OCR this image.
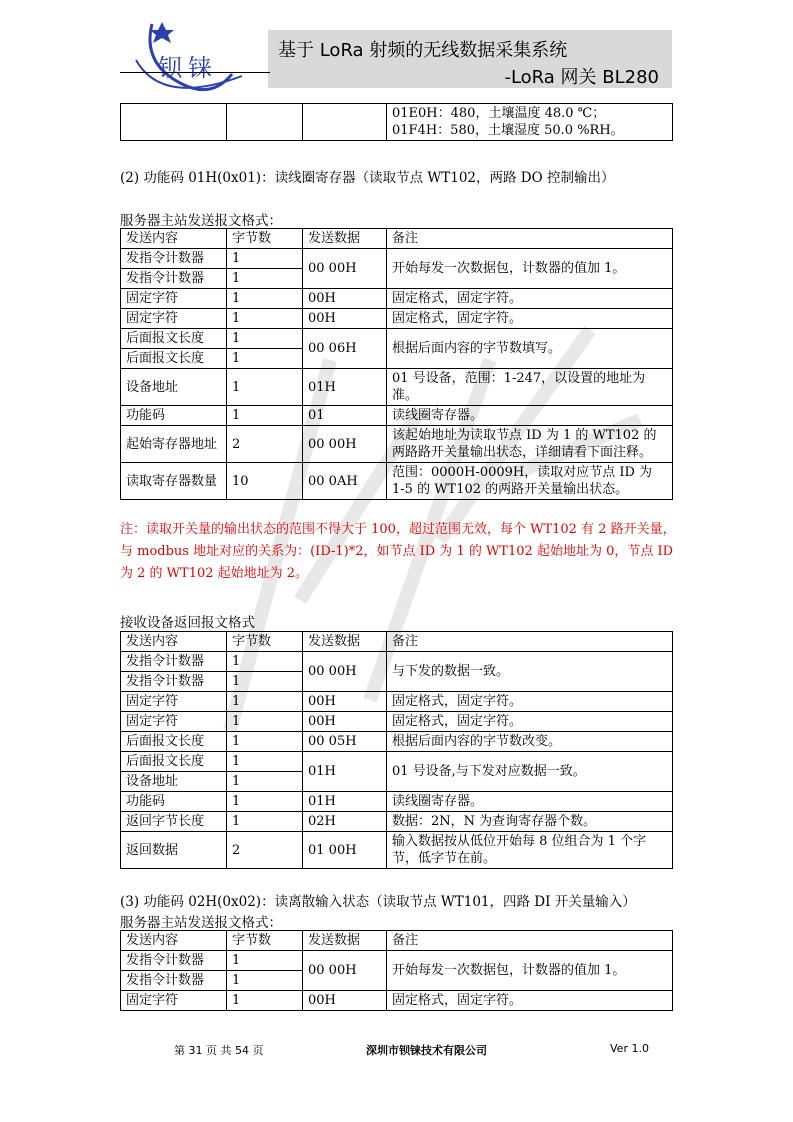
钡铼
基于 LoRa 射频的无线数据采集系统
-LoRa 网关 BL280
			01E0H：480，土壤温度 48.0 ℃；
01F4H：580，土壤湿度 50.0 %RH。
(2) 功能码 01H(0x01)：读线圈寄存器（读取节点 WT102，两路 DO 控制输出）
服务器主站发送报文格式：
发送内容	字节数	发送数据	备注
发指令计数器	1	00 00H	开始每发一次数据包，计数器的值加 1。
发指令计数器	1		
固定字符	1	00H	固定格式，固定字符。
固定字符	1	00H	固定格式，固定字符。
后面报文长度	1	00 06H	根据后面内容的字节数填写。
后面报文长度	1		
设备地址	1	01H	01 号设备，范围：1-247，以设置的地址为准。
功能码	1	01	读线圈寄存器。
起始寄存器地址	2	00 00H	该起始地址为读取节点 ID 为 1 的 WT102 的两路路开关量输出状态，详细请看下面注释。
读取寄存器数量	10	00 0AH	范围：0000H-0009H，读取对应节点 ID 为 1-5 的 WT102 的两路开关量输出状态。
注：读取开关量的输出状态的范围不得大于 100，超过范围无效，每个 WT102 有 2 路开关量，与 modbus 地址对应的关系为：(ID-1)*2，如节点 ID 为 1 的 WT102 起始地址为 0，节点 ID 为 2 的 WT102 起始地址为 2。
接收设备返回报文格式
发送内容	字节数	发送数据	备注
发指令计数器	1	00 00H	与下发的数据一致。
发指令计数器	1		
固定字符	1	00H	固定格式，固定字符。
固定字符	1	00H	固定格式，固定字符。
后面报文长度	1	00 05H	根据后面内容的字节数改变。
后面报文长度	1	01H	01 号设备,与下发对应数据一致。
设备地址	1		
功能码	1	01H	读线圈寄存器。
返回字节长度	1	02H	数据：2N，N 为查询寄存器个数。
返回数据	2	01 00H	输入数据按从低位开始每 8 位组合为 1 个字节，低字节在前。
(3) 功能码 02H(0x02)：读离散输入状态（读取节点 WT101，四路 DI 开关量输入）
服务器主站发送报文格式：
发送内容	字节数	发送数据	备注
发指令计数器	1	00 00H	开始每发一次数据包，计数器的值加 1。
发指令计数器	1		
固定字符	1	00H	固定格式，固定字符。
第 31 页 共 54 页	深圳市钡铼技术有限公司	Ver 1.0
